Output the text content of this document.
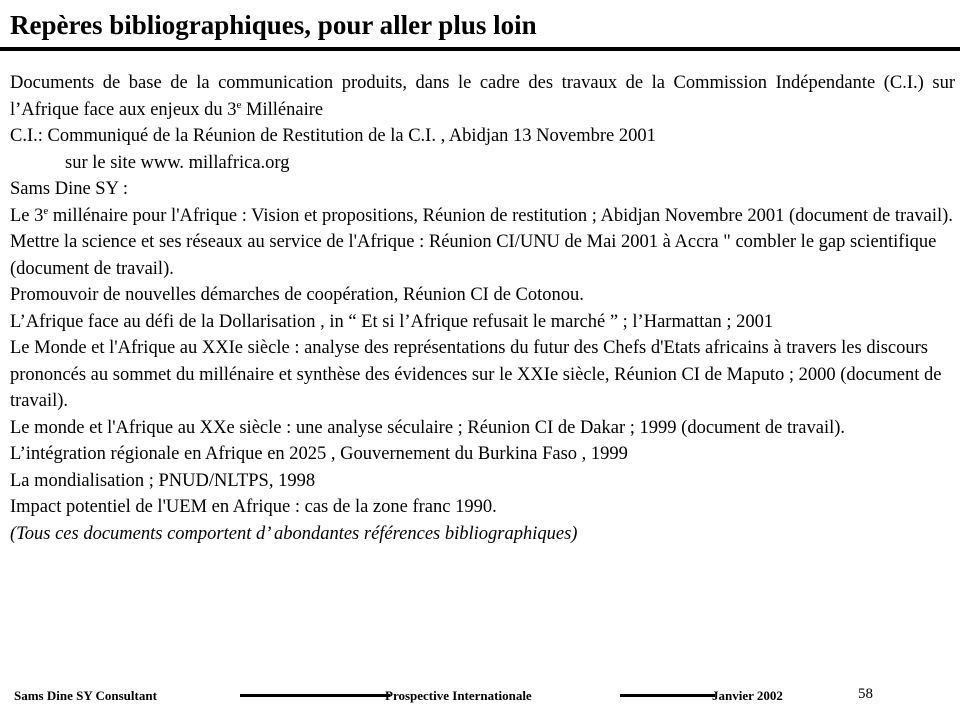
Repères bibliographiques, pour aller plus loin
Documents de base de la communication produits, dans le cadre des travaux de la Commission Indépendante (C.I.) sur l’Afrique face aux enjeux du 3e Millénaire
C.I.: Communiqué de la Réunion de Restitution de la C.I. , Abidjan 13 Novembre 2001
sur le site www. millafrica.org
Sams Dine SY :
Le 3e millénaire pour l'Afrique : Vision et propositions, Réunion de restitution ; Abidjan Novembre 2001 (document de travail).
Mettre la science et ses réseaux au service de l'Afrique : Réunion CI/UNU de Mai 2001 à Accra " combler le gap scientifique (document de travail).
Promouvoir de nouvelles démarches de coopération, Réunion CI de Cotonou.
L’Afrique face au défi de la Dollarisation , in “ Et si l’Afrique refusait le marché ” ; l’Harmattan ; 2001
Le Monde et l'Afrique au XXIe siècle : analyse des représentations du futur des Chefs d'Etats africains à travers les discours prononcés au sommet du millénaire et synthèse des évidences sur le XXIe siècle, Réunion CI de Maputo ; 2000 (document de travail).
Le monde et l'Afrique au XXe siècle : une analyse séculaire ; Réunion CI de Dakar ; 1999 (document de travail).
L’intégration régionale en Afrique en 2025 , Gouvernement du Burkina Faso , 1999
La mondialisation ; PNUD/NLTPS, 1998
Impact potentiel de l'UEM en Afrique : cas de la zone franc 1990.
(Tous ces documents comportent d’ abondantes références bibliographiques)
Sams Dine SY Consultant	Prospective Internationale	Janvier 2002	58
